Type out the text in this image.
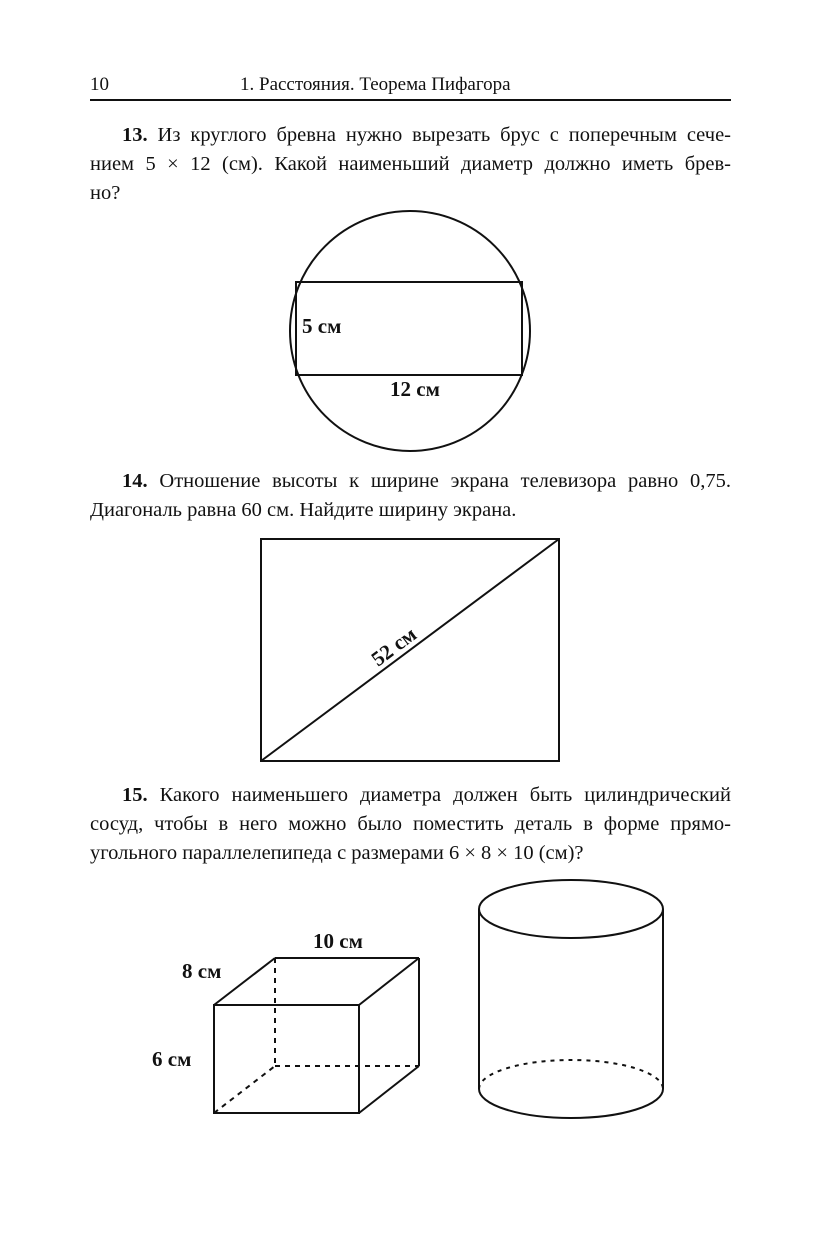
10	1. Расстояния. Теорема Пифагора
13. Из круглого бревна нужно вырезать брус с поперечным сече-
нием 5 × 12 (см). Какой наименьший диаметр должно иметь брев-
но?
5 см
12 см
52 см
10 см
8 см
6 см
14. Отношение высоты к ширине экрана телевизора равно 0,75.
Диагональ равна 60 см. Найдите ширину экрана.
15. Какого наименьшего диаметра должен быть цилиндрический
сосуд, чтобы в него можно было поместить деталь в форме прямо-
угольного параллелепипеда с размерами 6 × 8 × 10 (см)?
